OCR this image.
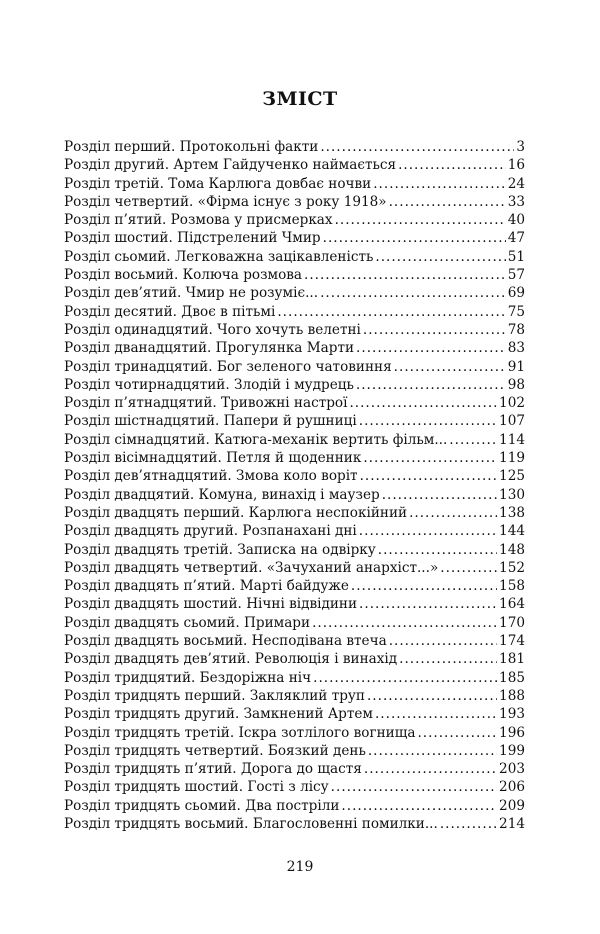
ЗМІСТ
Розділ перший. Протокольні факти .....	3
Розділ другий. Артем Гайдученко наймається .....	16
Розділ третій. Тома Карлюга довбає ночви .....	24
Розділ четвертий. «Фірма існує з року 1918» .....	33
Розділ п’ятий. Розмова у присмерках .....	40
Розділ шостий. Підстрелений Чмир .....	47
Розділ сьомий. Легковажна зацікавленість .....	51
Розділ восьмий. Колюча розмова .....	57
Розділ дев’ятий. Чмир не розуміє... .....	69
Розділ десятий. Двоє в пітьмі .....	75
Розділ одинадцятий. Чого хочуть велетні .....	78
Розділ дванадцятий. Прогулянка Марти .....	83
Розділ тринадцятий. Бог зеленого чатовиння .....	91
Розділ чотирнадцятий. Злодій і мудрець .....	98
Розділ п’ятнадцятий. Тривожні настрої .....	102
Розділ шістнадцятий. Папери й рушниці .....	107
Розділ сімнадцятий. Катюга-механік вертить фільм... .....	114
Розділ вісімнадцятий. Петля й щоденник .....	119
Розділ дев’ятнадцятий. Змова коло воріт .....	125
Розділ двадцятий. Комуна, винахід і маузер .....	130
Розділ двадцять перший. Карлюга неспокійний .....	138
Розділ двадцять другий. Розпанахані дні .....	144
Розділ двадцять третій. Записка на одвірку .....	148
Розділ двадцять четвертий. «Зачуханий анархіст...» .....	152
Розділ двадцять п’ятий. Марті байдуже .....	158
Розділ двадцять шостий. Нічні відвідини .....	164
Розділ двадцять сьомий. Примари .....	170
Розділ двадцять восьмий. Несподівана втеча .....	174
Розділ двадцять дев’ятий. Революція і винахід .....	181
Розділ тридцятий. Бездоріжна ніч .....	185
Розділ тридцять перший. Закляклий труп .....	188
Розділ тридцять другий. Замкнений Артем .....	193
Розділ тридцять третій. Іскра зотлілого вогнища .....	196
Розділ тридцять четвертий. Боязкий день .....	199
Розділ тридцять п’ятий. Дорога до щастя .....	203
Розділ тридцять шостий. Гості з лісу .....	206
Розділ тридцять сьомий. Два постріли .....	209
Розділ тридцять восьмий. Благословенні помилки... .....	214
219
